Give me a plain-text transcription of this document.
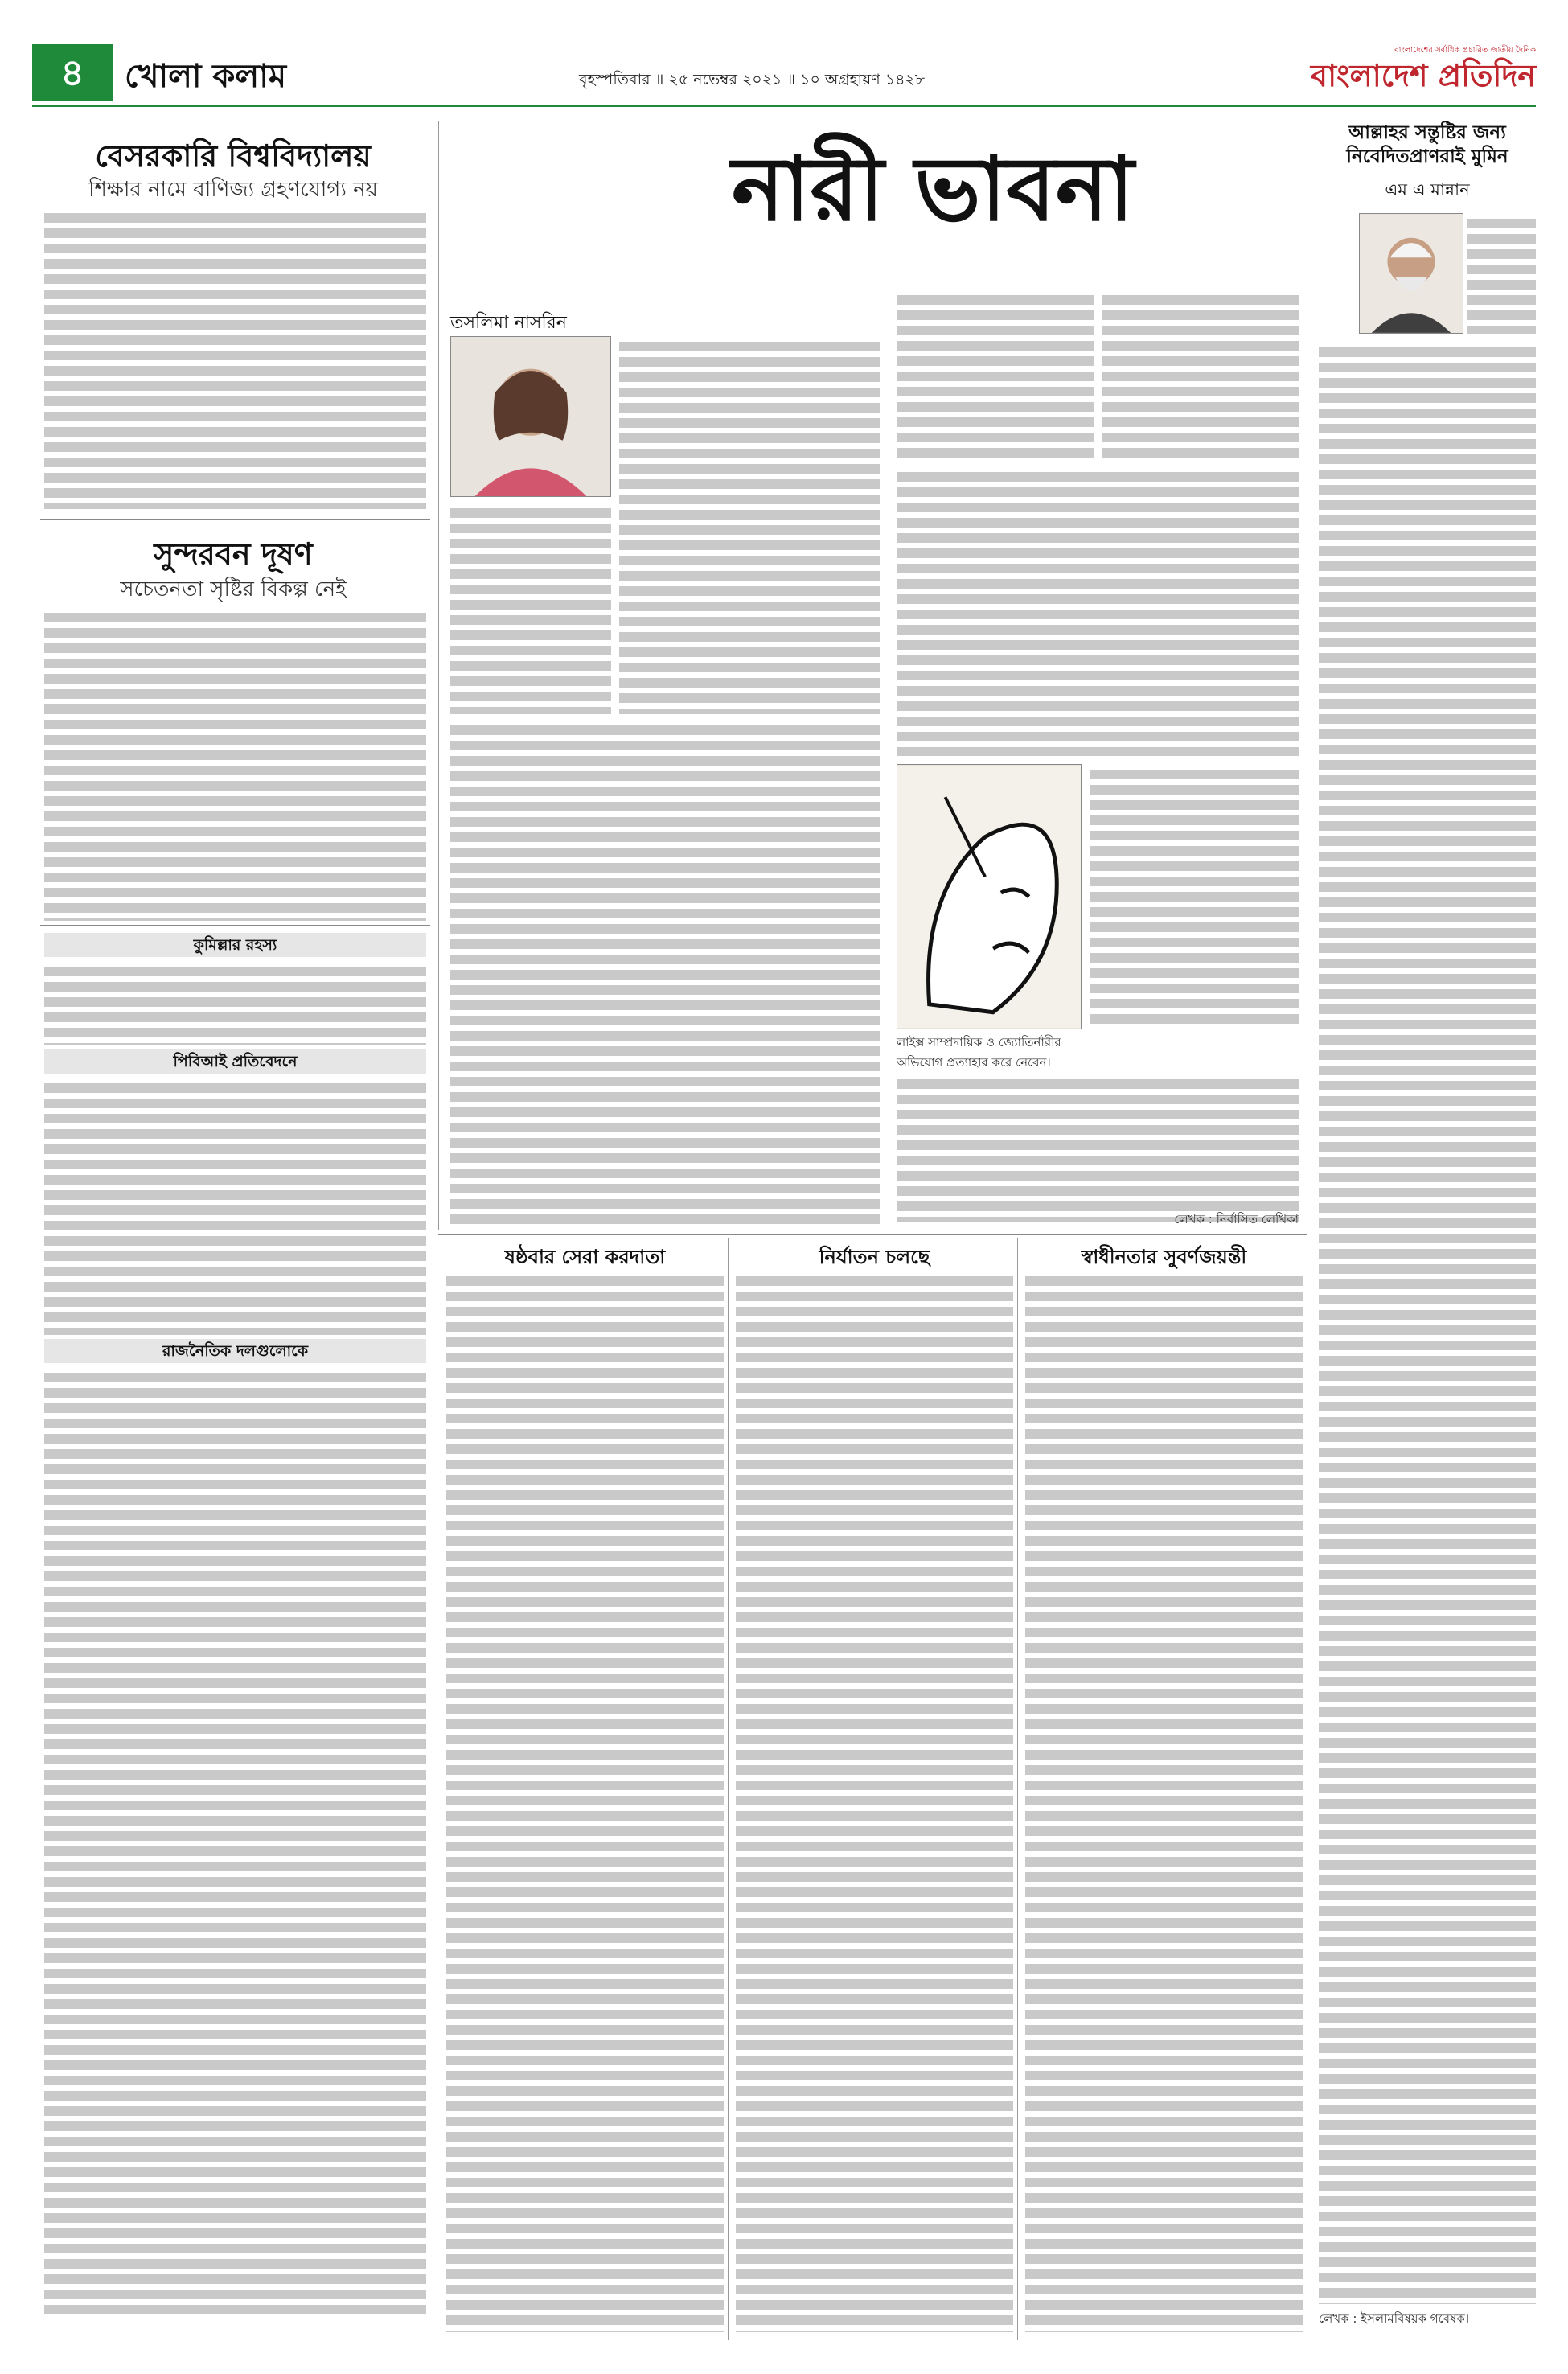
৪	খোলা কলাম	বৃহস্পতিবার ॥ ২৫ নভেম্বর ২০২১ ॥ ১০ অগ্রহায়ণ ১৪২৮
বাংলাদেশের সর্বাধিক প্রচারিত জাতীয় দৈনিক
বাংলাদেশ প্রতিদিন
বেসরকারি বিশ্ববিদ্যালয়
শিক্ষার নামে বাণিজ্য গ্রহণযোগ্য নয়
সুন্দরবন দূষণ
সচেতনতা সৃষ্টির বিকল্প নেই
কুমিল্লার রহস্য
পিবিআই প্রতিবেদনে
রাজনৈতিক দলগুলোকে
নারী ভাবনা
তসলিমা নাসরিন
লাইক্স সাম্প্রদায়িক ও জ্যোতির্নারীর অভিযোগ প্রত্যাহার করে নেবেন।
লেখক : নির্বাসিত লেখিকা
ষষ্ঠবার সেরা করদাতা	নির্যাতন চলছে	স্বাধীনতার সুবর্ণজয়ন্তী
আল্লাহর সন্তুষ্টির জন্য নিবেদিতপ্রাণরাই মুমিন
এম এ মান্নান
লেখক : ইসলামবিষয়ক গবেষক।
